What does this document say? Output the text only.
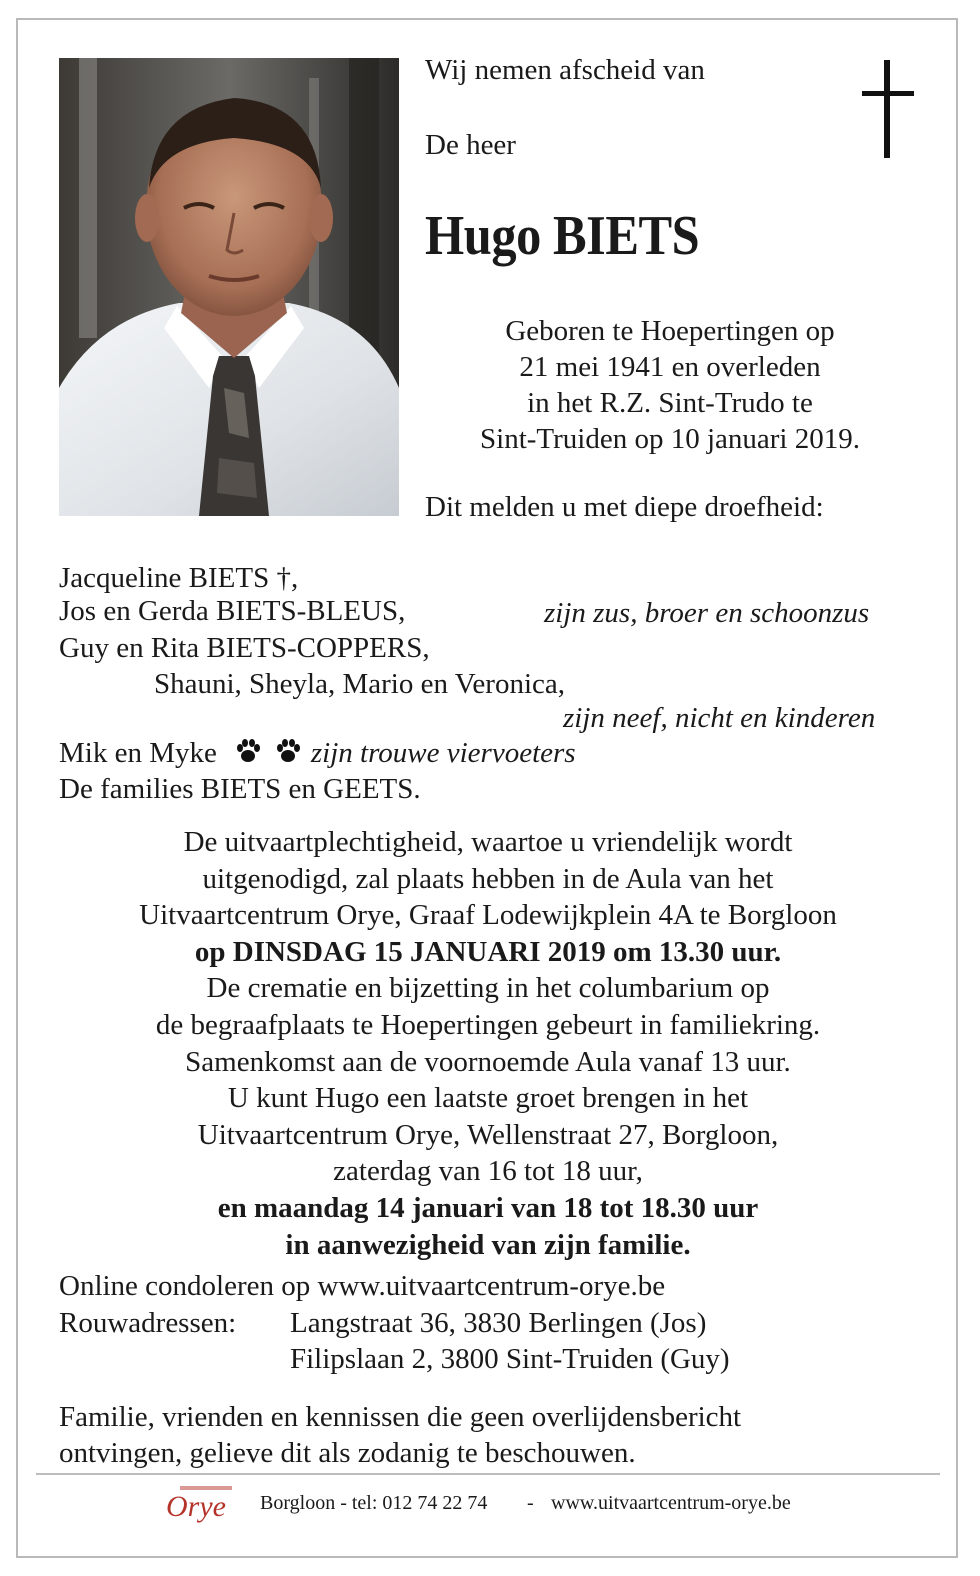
Wij nemen afscheid van
De heer
Hugo BIETS
Geboren te Hoepertingen op
21 mei 1941 en overleden
in het R.Z. Sint-Trudo te
Sint-Truiden op 10 januari 2019.
Dit melden u met diepe droefheid:
Jacqueline BIETS †,
Jos en Gerda BIETS-BLEUS,	zijn zus, broer en schoonzus
Guy en Rita BIETS-COPPERS,
Shauni, Sheyla, Mario en Veronica,
zijn neef, nicht en kinderen
Mik en Myke	zijn trouwe viervoeters
De families BIETS en GEETS.
De uitvaartplechtigheid, waartoe u vriendelijk wordt
uitgenodigd, zal plaats hebben in de Aula van het
Uitvaartcentrum Orye, Graaf Lodewijkplein 4A te Borgloon
op DINSDAG 15 JANUARI 2019 om 13.30 uur.
De crematie en bijzetting in het columbarium op
de begraafplaats te Hoepertingen gebeurt in familiekring.
Samenkomst aan de voornoemde Aula vanaf 13 uur.
U kunt Hugo een laatste groet brengen in het
Uitvaartcentrum Orye, Wellenstraat 27, Borgloon,
zaterdag van 16 tot 18 uur,
en maandag 14 januari van 18 tot 18.30 uur
in aanwezigheid van zijn familie.
Online condoleren op www.uitvaartcentrum-orye.be
Rouwadressen: Langstraat 36, 3830 Berlingen (Jos)
Filipslaan 2, 3800 Sint-Truiden (Guy)
Familie, vrienden en kennissen die geen overlijdensbericht
ontvingen, gelieve dit als zodanig te beschouwen.
Orye Borgloon - tel: 012 74 22 74 - www.uitvaartcentrum-orye.be
